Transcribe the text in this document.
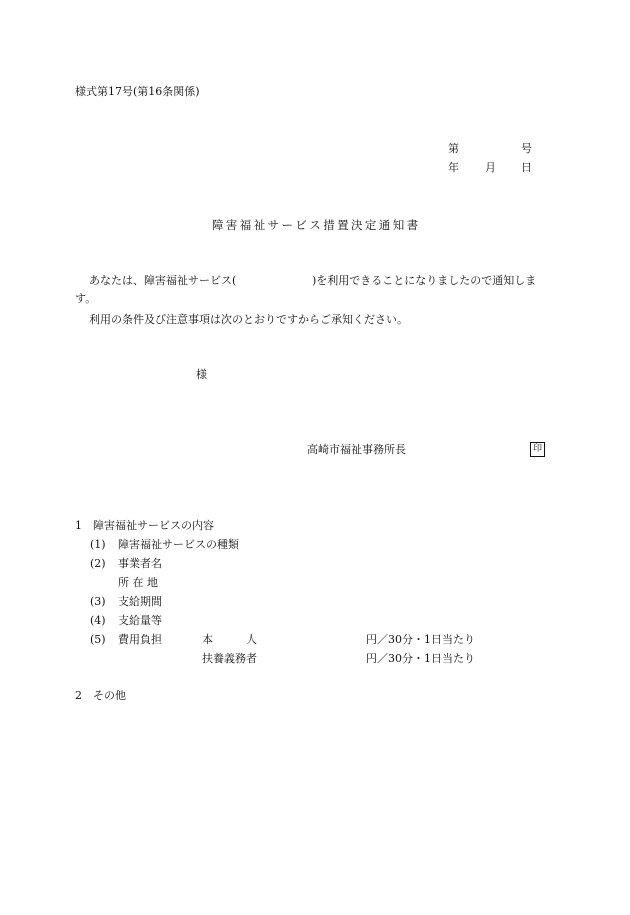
様式第17号(第16条関係)
第	号
年 月 日
障害福祉サービス措置決定通知書
あなたは、障害福祉サービス(	)を利用できることになりましたので通知しま
す。
利用の条件及び注意事項は次のとおりですからご承知ください。
様
高崎市福祉事務所長	印
1　障害福祉サービスの内容
(1) 障害福祉サービスの種類
(2) 事業者名
所 在 地
(3) 支給期間
(4) 支給量等
(5) 費用負担	本　　　人	円／30分・1日当たり
扶養義務者	円／30分・1日当たり
2　その他
